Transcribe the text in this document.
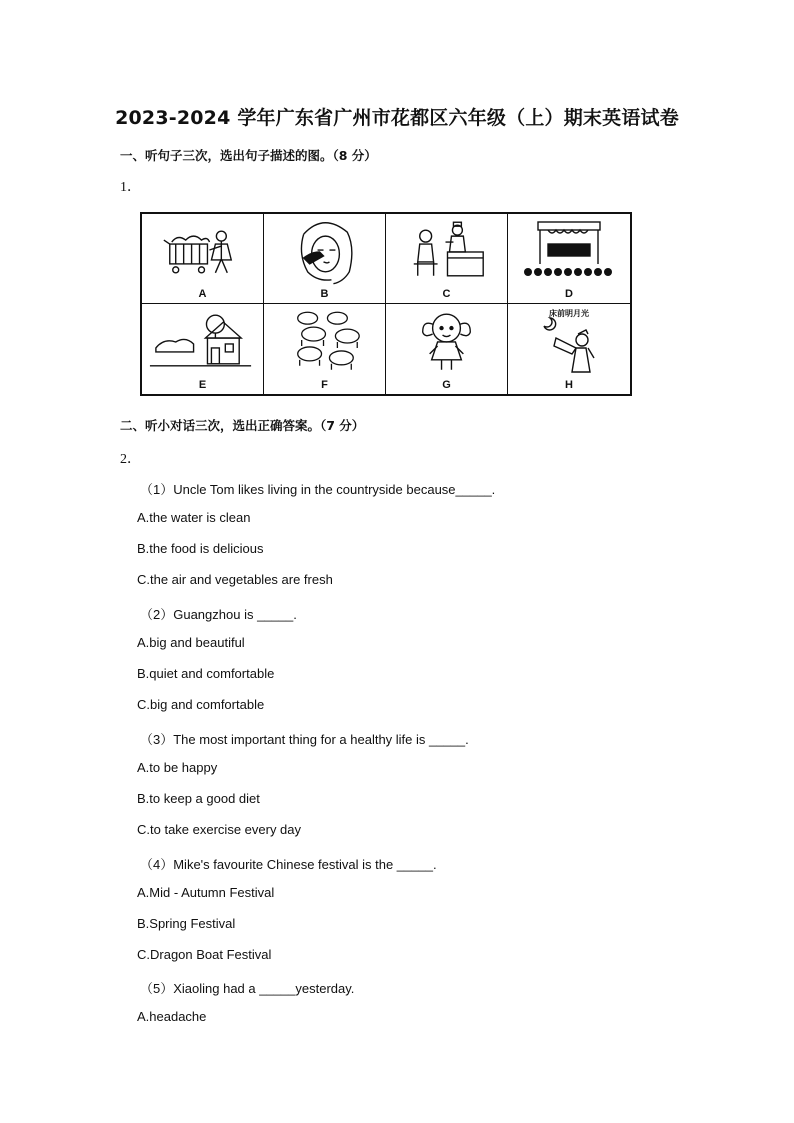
2023-2024 学年广东省广州市花都区六年级（上）期末英语试卷
一、听句子三次，选出句子描述的图。（8 分）
1．
A	B	C	D
E	F	G
床前明月光
H
二、听小对话三次，选出正确答案。（7 分）
2．
（1）Uncle Tom likes living in the countryside because_____.
A.the water is clean
B.the food is delicious
C.the air and vegetables are fresh
（2）Guangzhou is _____.
A.big and beautiful
B.quiet and comfortable
C.big and comfortable
（3）The most important thing for a healthy life is _____.
A.to be happy
B.to keep a good diet
C.to take exercise every day
（4）Mike's favourite Chinese festival is the _____.
A.Mid - Autumn Festival
B.Spring Festival
C.Dragon Boat Festival
（5）Xiaoling had a _____yesterday.
A.headache
